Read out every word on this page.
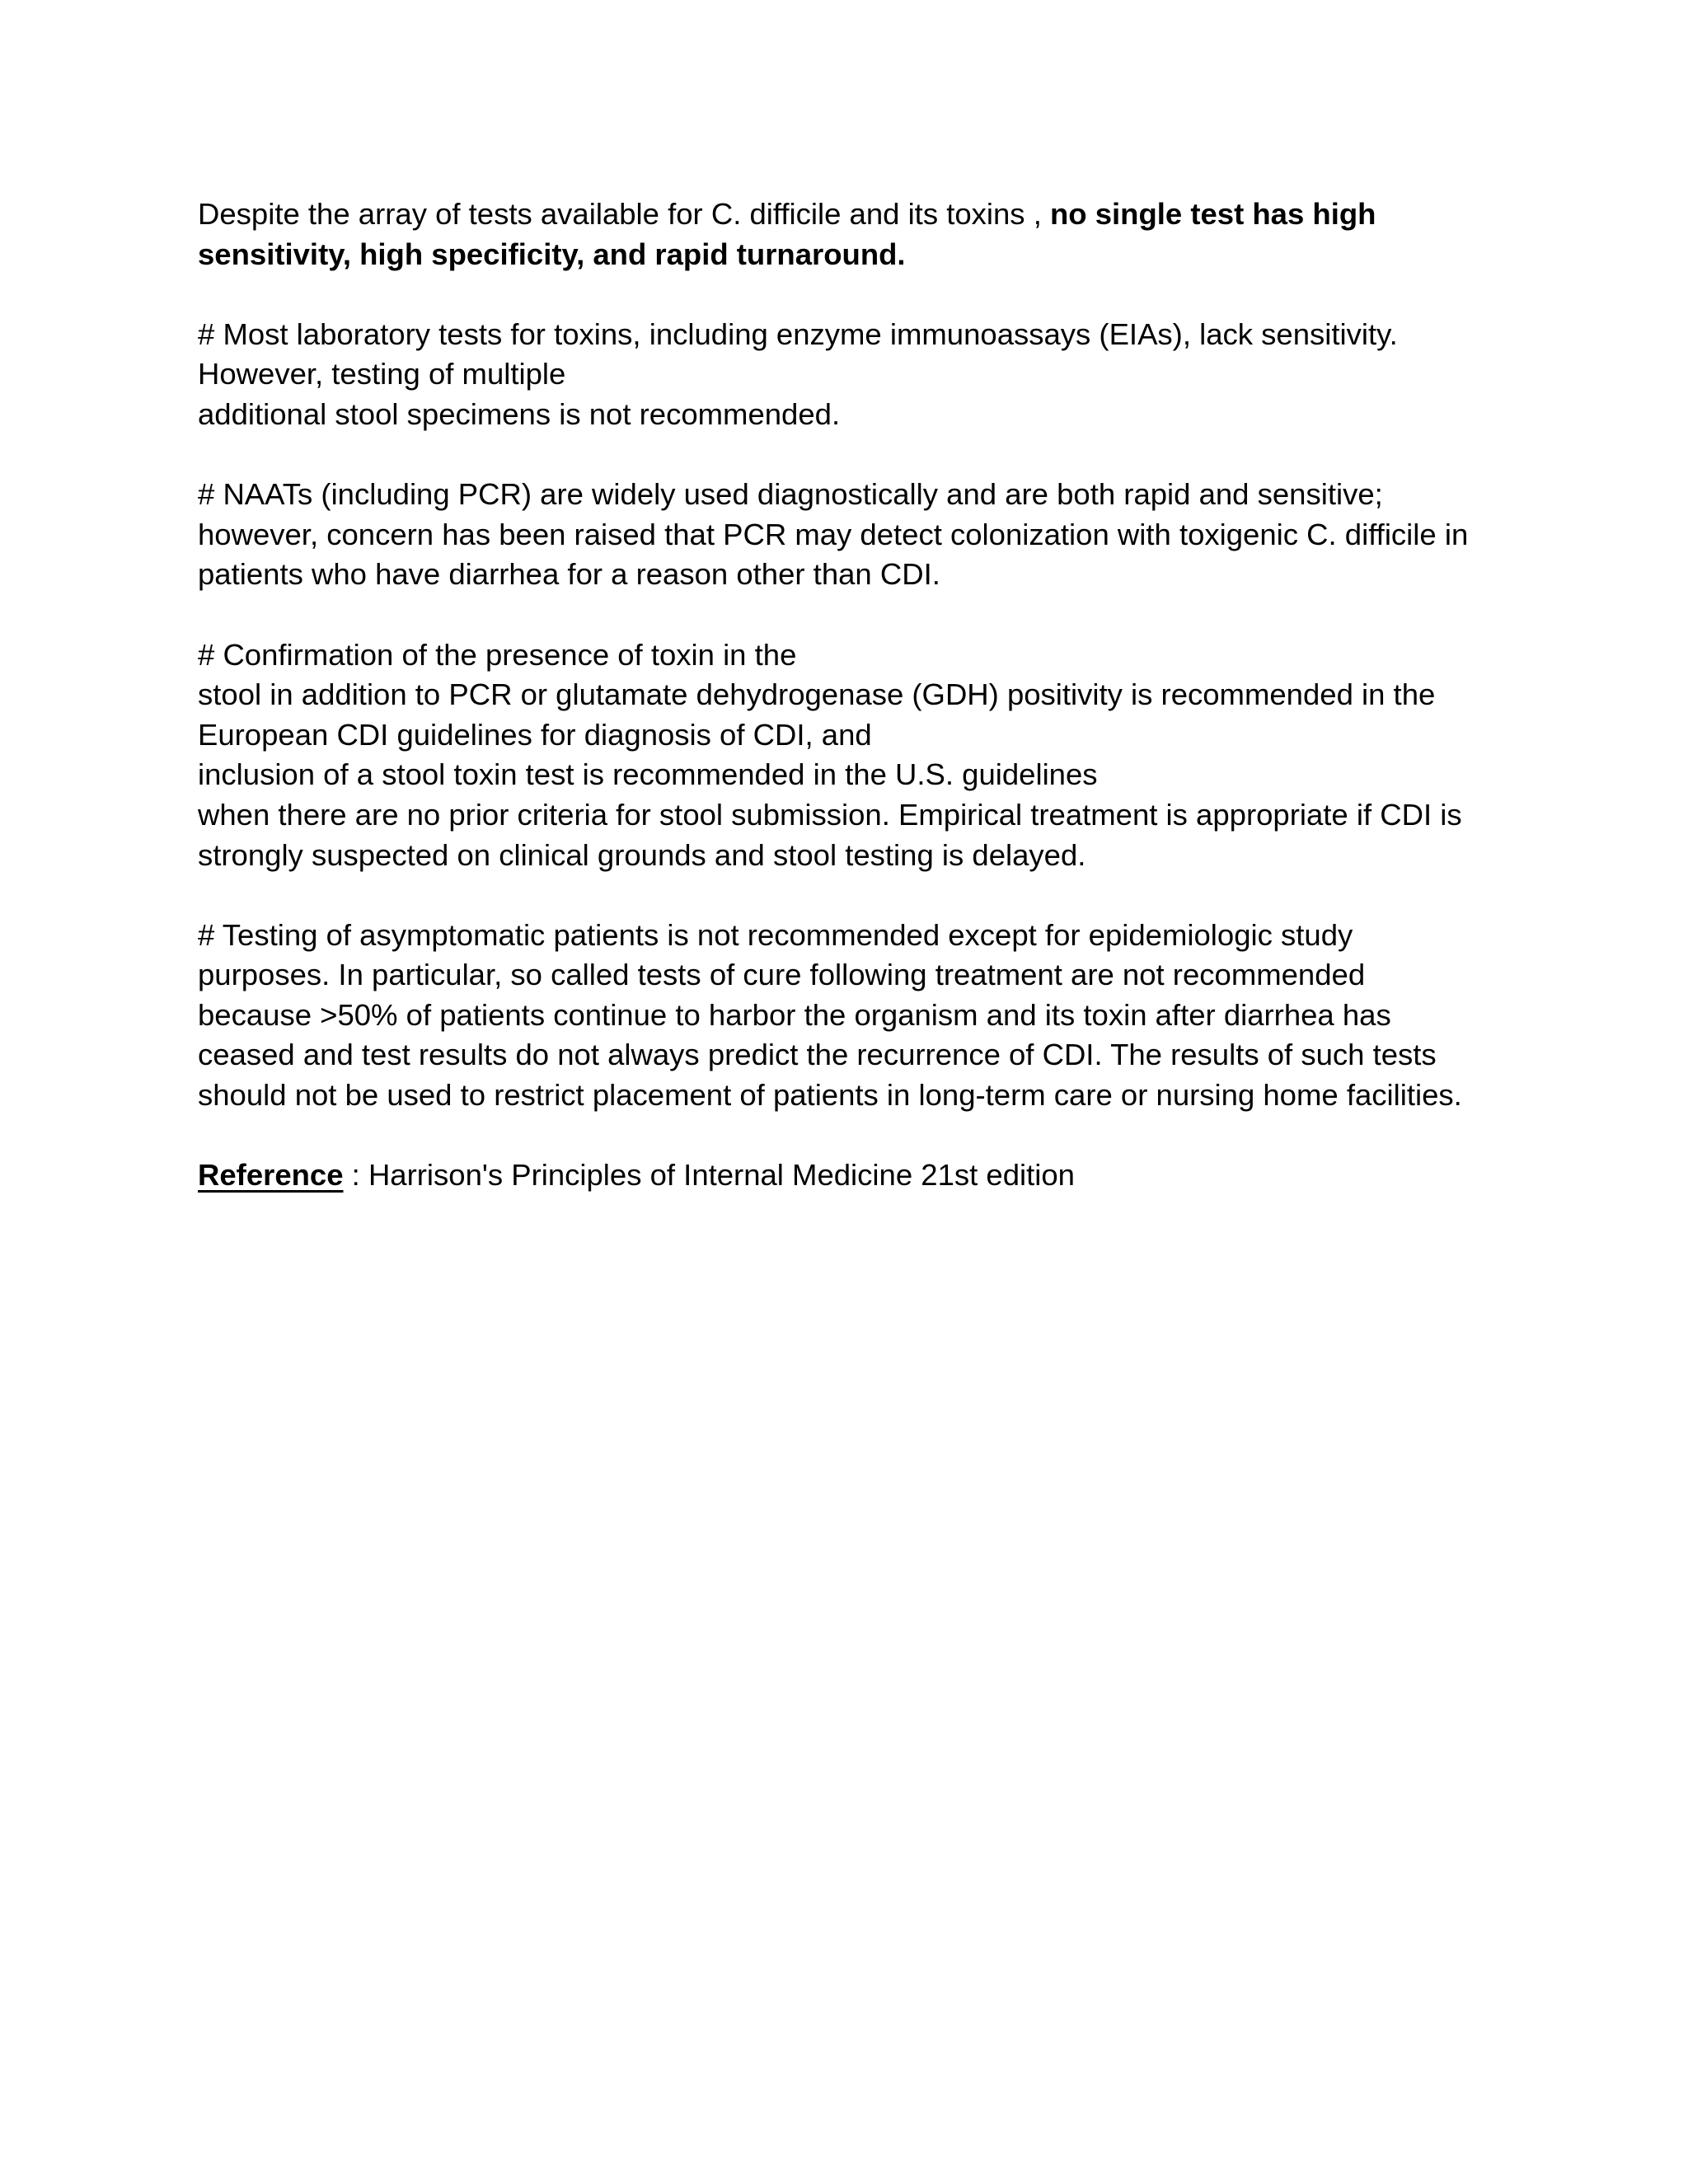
Despite the array of tests available for C. difficile and its toxins , no single test has high
sensitivity, high specificity, and rapid turnaround.

# Most laboratory tests for toxins, including enzyme immunoassays (EIAs), lack sensitivity.
However, testing of multiple
additional stool specimens is not recommended.

# NAATs (including PCR) are widely used diagnostically and are both rapid and sensitive;
however, concern has been raised that PCR may detect colonization with toxigenic C. difficile in
patients who have diarrhea for a reason other than CDI.

# Confirmation of the presence of toxin in the
stool in addition to PCR or glutamate dehydrogenase (GDH) positivity is recommended in the
European CDI guidelines for diagnosis of CDI, and
inclusion of a stool toxin test is recommended in the U.S. guidelines
when there are no prior criteria for stool submission. Empirical treatment is appropriate if CDI is
strongly suspected on clinical grounds and stool testing is delayed.

# Testing of asymptomatic patients is not recommended except for epidemiologic study
purposes. In particular, so called tests of cure following treatment are not recommended
because >50% of patients continue to harbor the organism and its toxin after diarrhea has
ceased and test results do not always predict the recurrence of CDI. The results of such tests
should not be used to restrict placement of patients in long-term care or nursing home facilities.

Reference : Harrison's Principles of Internal Medicine 21st edition
